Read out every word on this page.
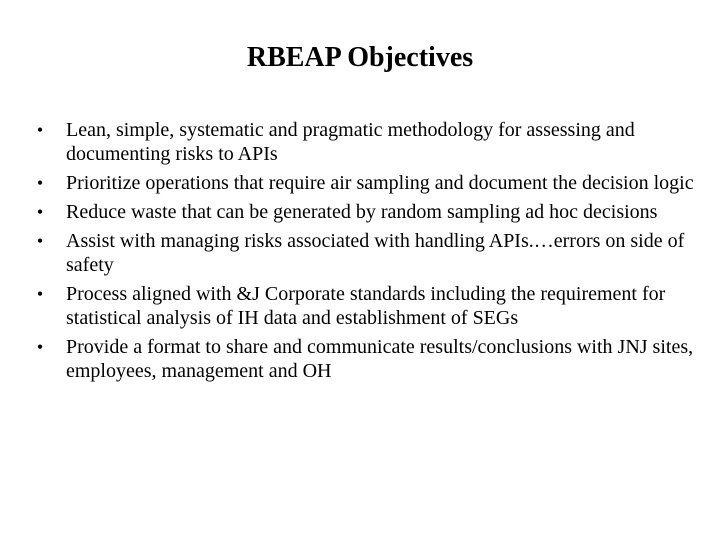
RBEAP Objectives
•	Lean, simple, systematic and pragmatic methodology for assessing and documenting risks to APIs
•	Prioritize operations that require air sampling and document the decision logic
•	Reduce waste that can be generated by random sampling ad hoc decisions
•	Assist with managing risks associated with handling APIs.…errors on side of safety
•	Process aligned with &J Corporate standards including the requirement for statistical analysis of IH data and establishment of SEGs
•	Provide a format to share and communicate results/conclusions with JNJ sites, employees, management and OH
